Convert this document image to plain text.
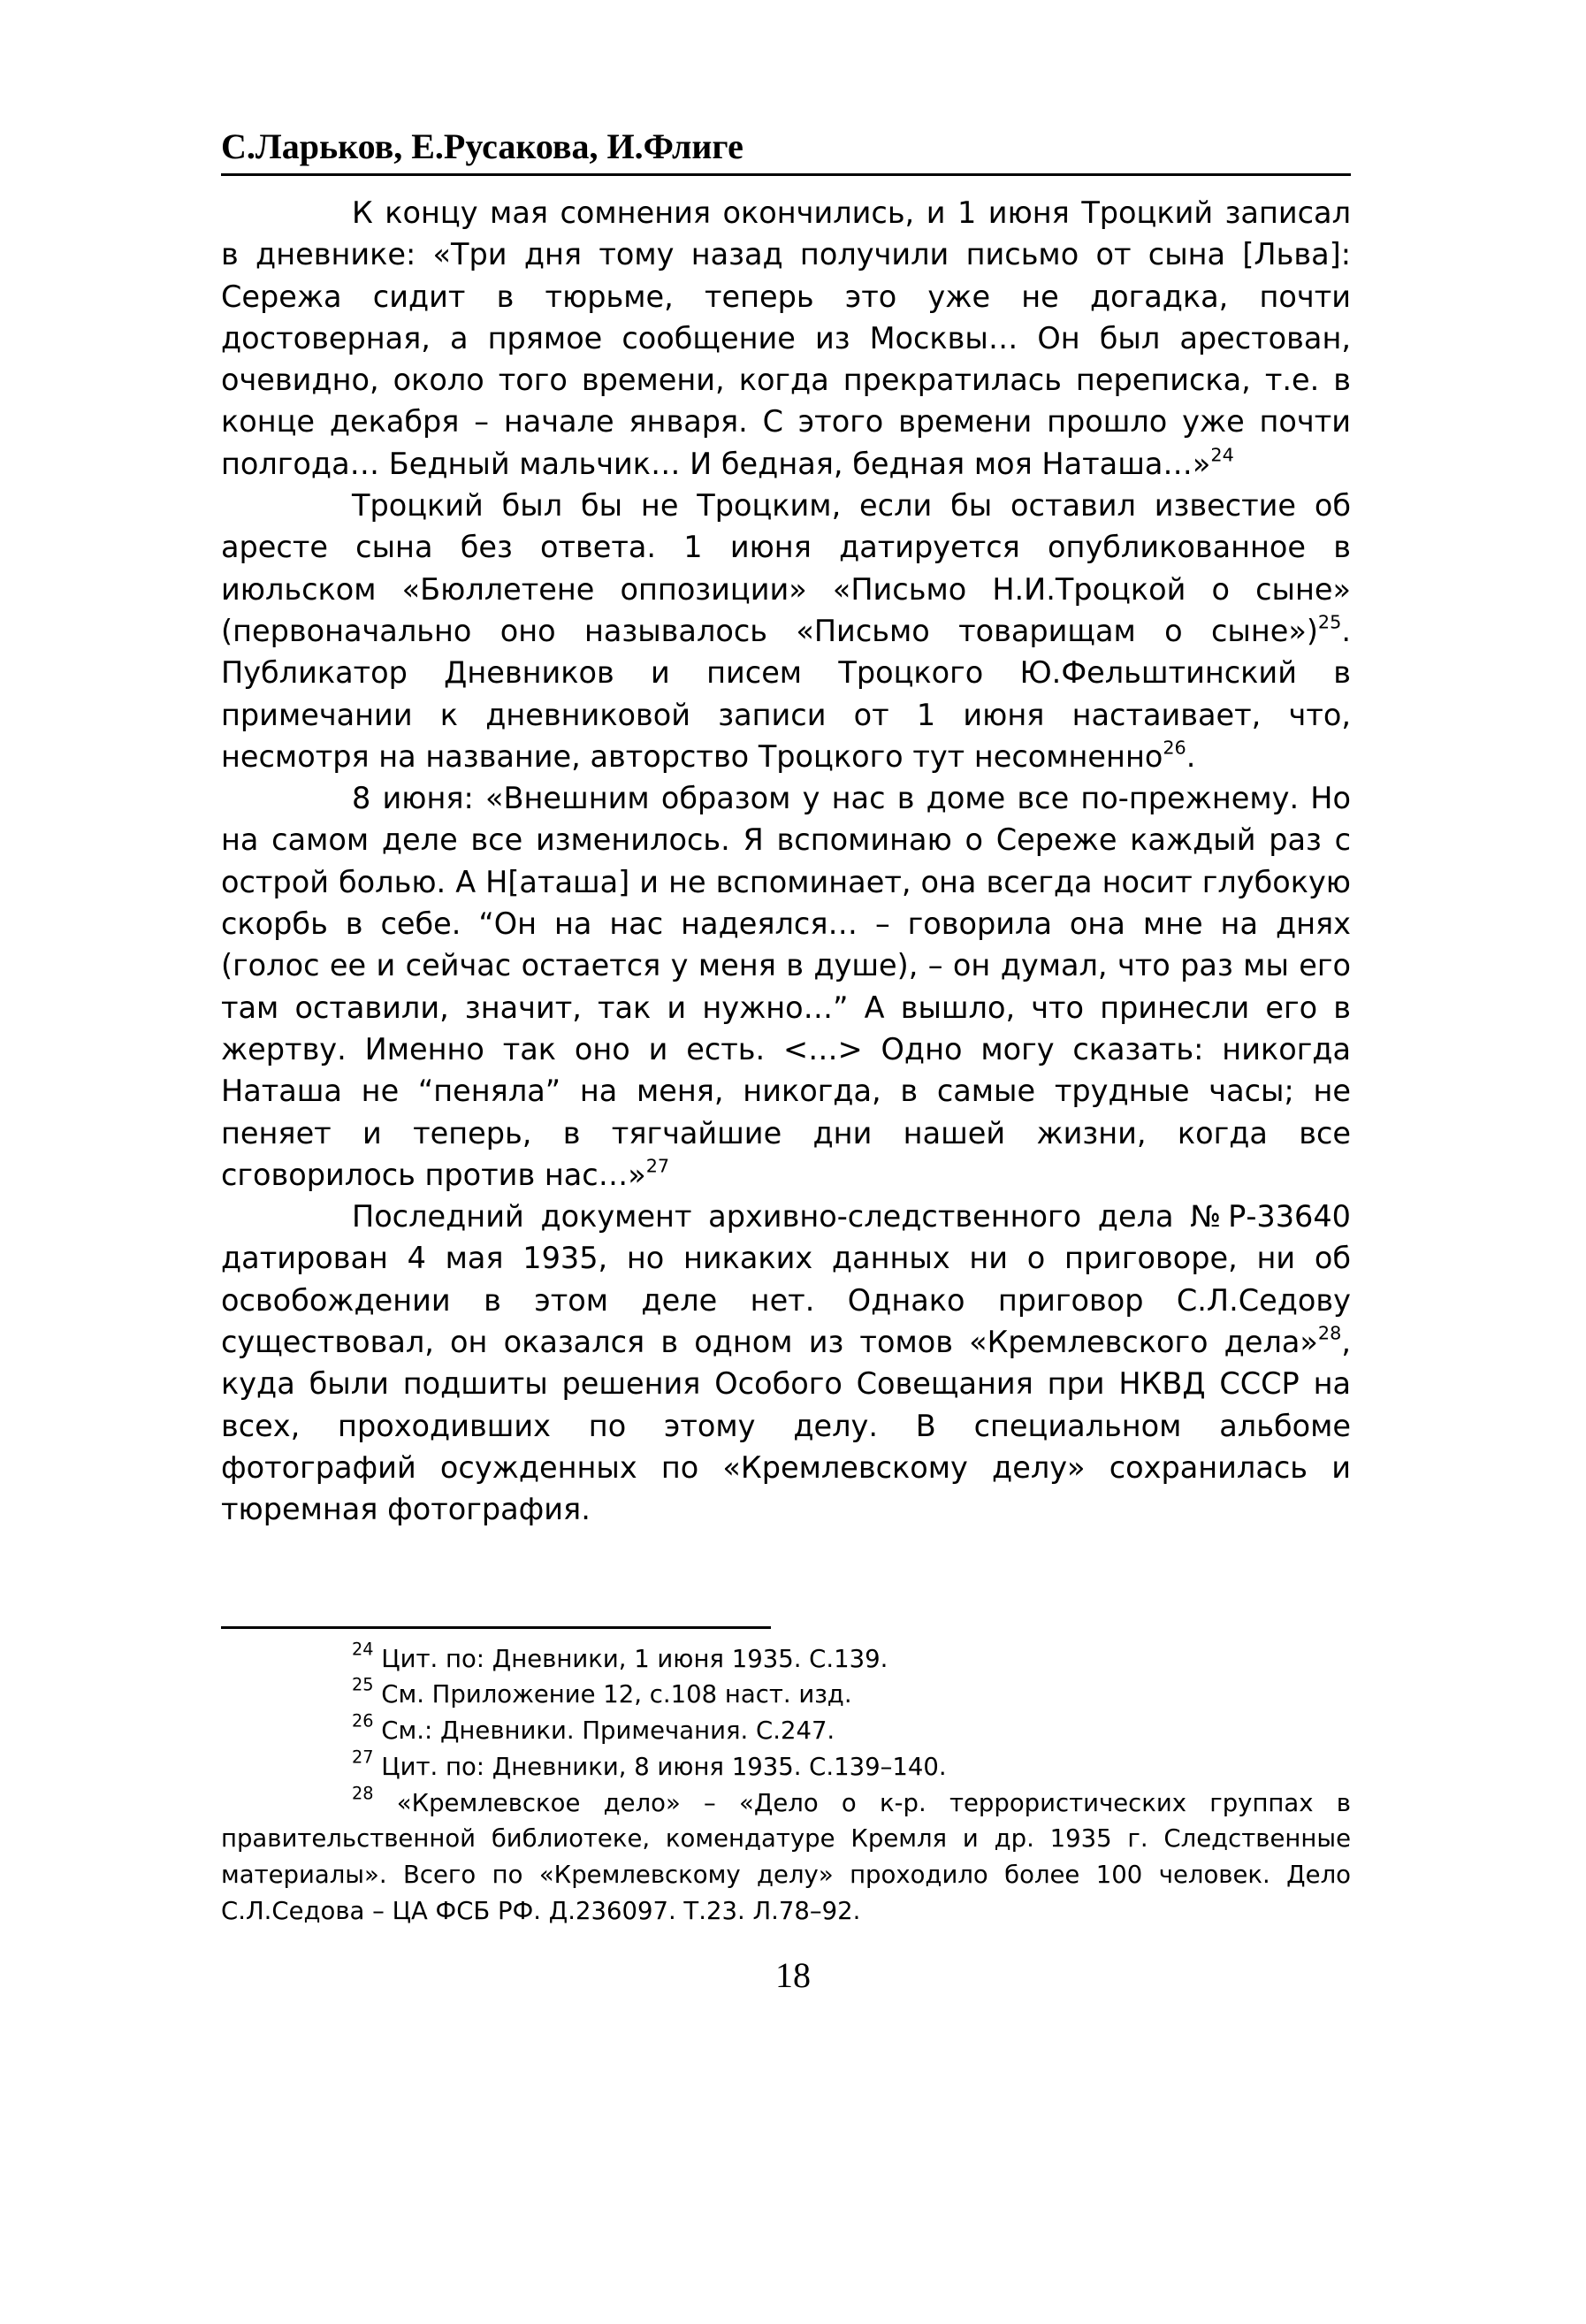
С.Ларьков, Е.Русакова, И.Флиге

К концу мая сомнения окончились, и 1 июня Троцкий записал в дневнике: «Три дня тому назад получили письмо от сына [Льва]: Сережа сидит в тюрьме, теперь это уже не догадка, почти достоверная, а прямое сообщение из Москвы… Он был арестован, очевидно, около того времени, когда прекратилась переписка, т.е. в конце декабря – начале января. С этого времени прошло уже почти полгода… Бедный мальчик… И бедная, бедная моя Наташа…»$^{24}$

Троцкий был бы не Троцким, если бы оставил известие об аресте сына без ответа. 1 июня датируется опубликованное в июльском «Бюллетене оппозиции» «Письмо Н.И.Троцкой о сыне» (первоначально оно называлось «Письмо товарищам о сыне»)$^{25}$. Публикатор Дневников и писем Троцкого Ю.Фельштинский в примечании к дневниковой записи от 1 июня настаивает, что, несмотря на название, авторство Троцкого тут несомненно$^{26}$.

8 июня: «Внешним образом у нас в доме все по-прежнему. Но на самом деле все изменилось. Я вспоминаю о Сереже каждый раз с острой болью. А Н[аташа] и не вспоминает, она всегда носит глубокую скорбь в себе. “Он на нас надеялся… – говорила она мне на днях (голос ее и сейчас остается у меня в душе), – он думал, что раз мы его там оставили, значит, так и нужно…” А вышло, что принесли его в жертву. Именно так оно и есть. <…> Одно могу сказать: никогда Наташа не “пеняла” на меня, никогда, в самые трудные часы; не пеняет и теперь, в тягчайшие дни нашей жизни, когда все сговорилось против нас…»$^{27}$

Последний документ архивно-следственного дела №Р-33640 датирован 4 мая 1935, но никаких данных ни о приговоре, ни об освобождении в этом деле нет. Однако приговор С.Л.Седову существовал, он оказался в одном из томов «Кремлевского дела»$^{28}$, куда были подшиты решения Особого Совещания при НКВД СССР на всех, проходивших по этому делу. В специальном альбоме фотографий осужденных по «Кремлевскому делу» сохранилась и тюремная фотография.

$^{24}$ Цит. по: Дневники, 1 июня 1935. С.139.

$^{25}$ См. Приложение 12, с.108 наст. изд.

$^{26}$ См.: Дневники. Примечания. С.247.

$^{27}$ Цит. по: Дневники, 8 июня 1935. С.139–140.

$^{28}$ «Кремлевское дело» – «Дело о к-р. террористических группах в правительственной библиотеке, комендатуре Кремля и др. 1935 г. Следственные материалы». Всего по «Кремлевскому делу» проходило более 100 человек. Дело С.Л.Седова – ЦА ФСБ РФ. Д.236097. Т.23. Л.78–92.

18
